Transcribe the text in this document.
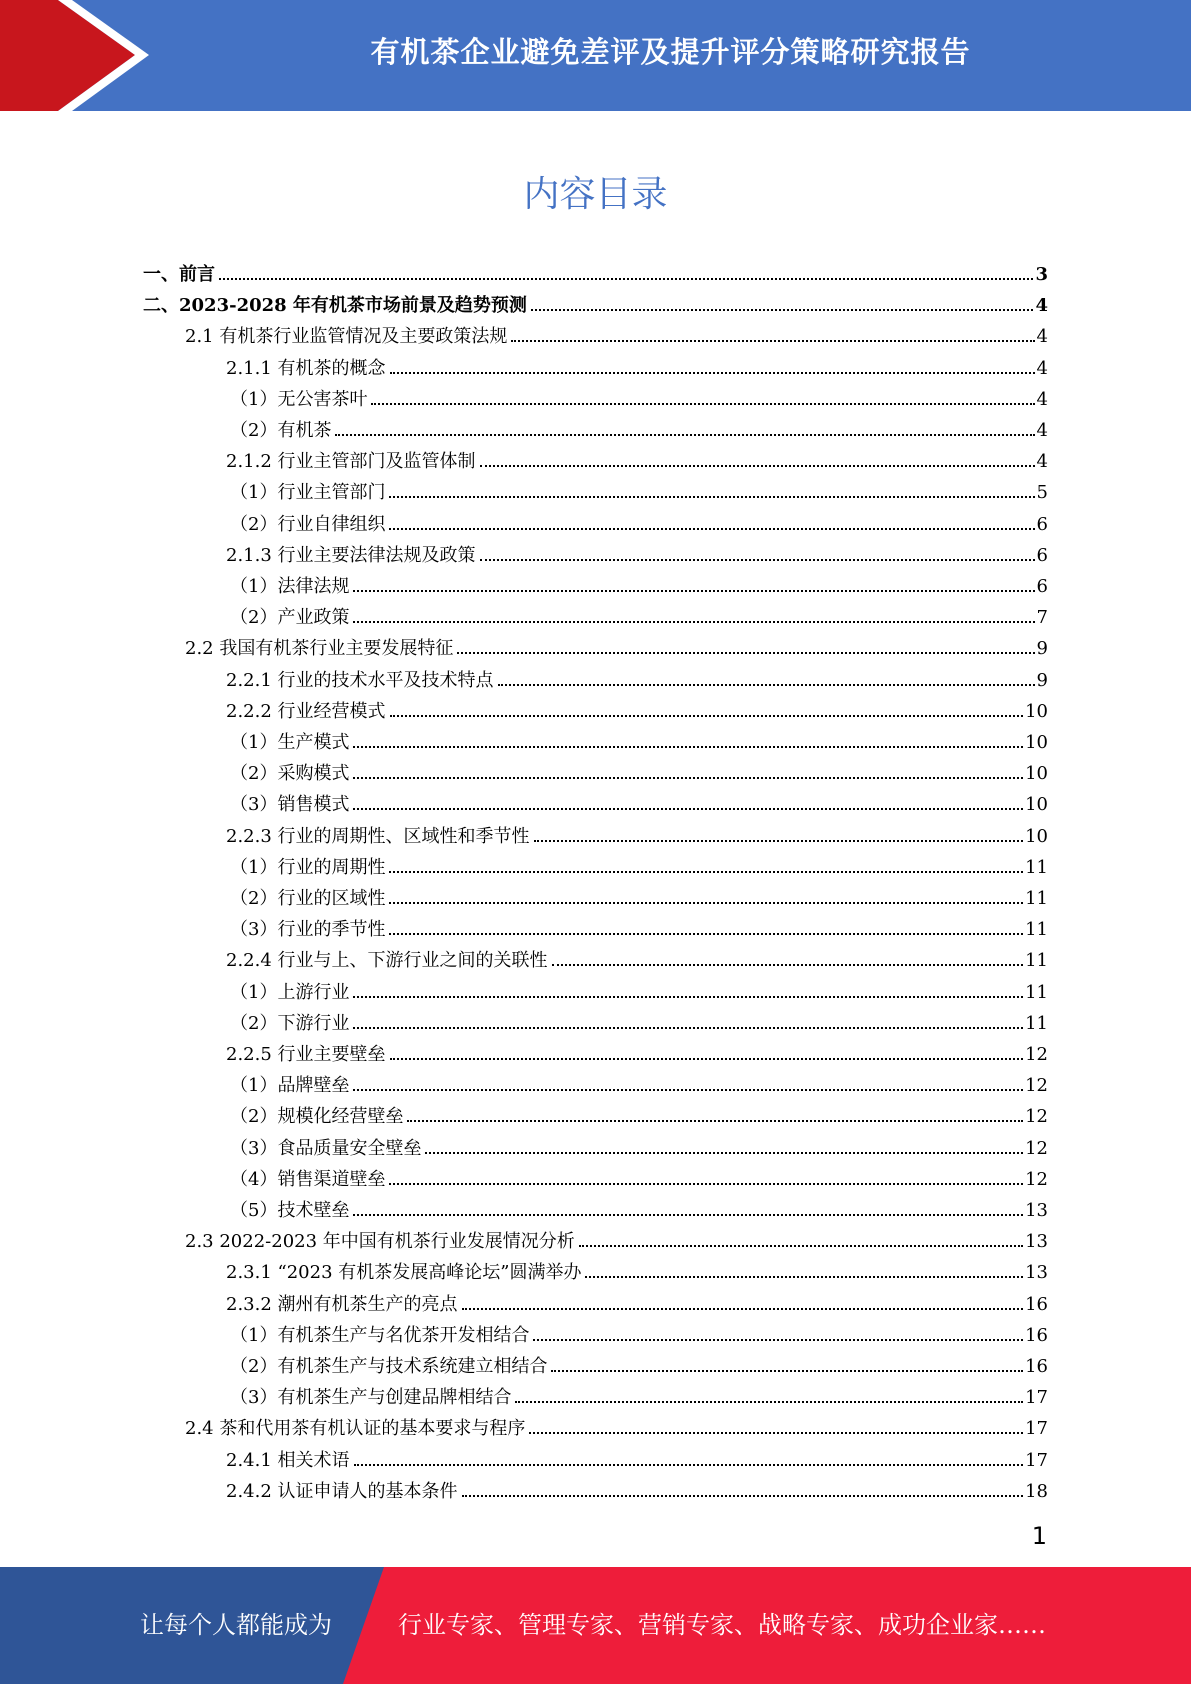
有机茶企业避免差评及提升评分策略研究报告
内容目录
一、前言	3
二、2023-2028 年有机茶市场前景及趋势预测	4
2.1 有机茶行业监管情况及主要政策法规	4
2.1.1 有机茶的概念	4
（1）无公害茶叶	4
（2）有机茶	4
2.1.2 行业主管部门及监管体制	4
（1）行业主管部门	5
（2）行业自律组织	6
2.1.3 行业主要法律法规及政策	6
（1）法律法规	6
（2）产业政策	7
2.2 我国有机茶行业主要发展特征	9
2.2.1 行业的技术水平及技术特点	9
2.2.2 行业经营模式	10
（1）生产模式	10
（2）采购模式	10
（3）销售模式	10
2.2.3 行业的周期性、区域性和季节性	10
（1）行业的周期性	11
（2）行业的区域性	11
（3）行业的季节性	11
2.2.4 行业与上、下游行业之间的关联性	11
（1）上游行业	11
（2）下游行业	11
2.2.5 行业主要壁垒	12
（1）品牌壁垒	12
（2）规模化经营壁垒	12
（3）食品质量安全壁垒	12
（4）销售渠道壁垒	12
（5）技术壁垒	13
2.3 2022-2023 年中国有机茶行业发展情况分析	13
2.3.1 “2023 有机茶发展高峰论坛”圆满举办	13
2.3.2 潮州有机茶生产的亮点	16
（1）有机茶生产与名优茶开发相结合	16
（2）有机茶生产与技术系统建立相结合	16
（3）有机茶生产与创建品牌相结合	17
2.4 茶和代用茶有机认证的基本要求与程序	17
2.4.1 相关术语	17
2.4.2 认证申请人的基本条件	18
1
让每个人都能成为	行业专家、管理专家、营销专家、战略专家、成功企业家……
